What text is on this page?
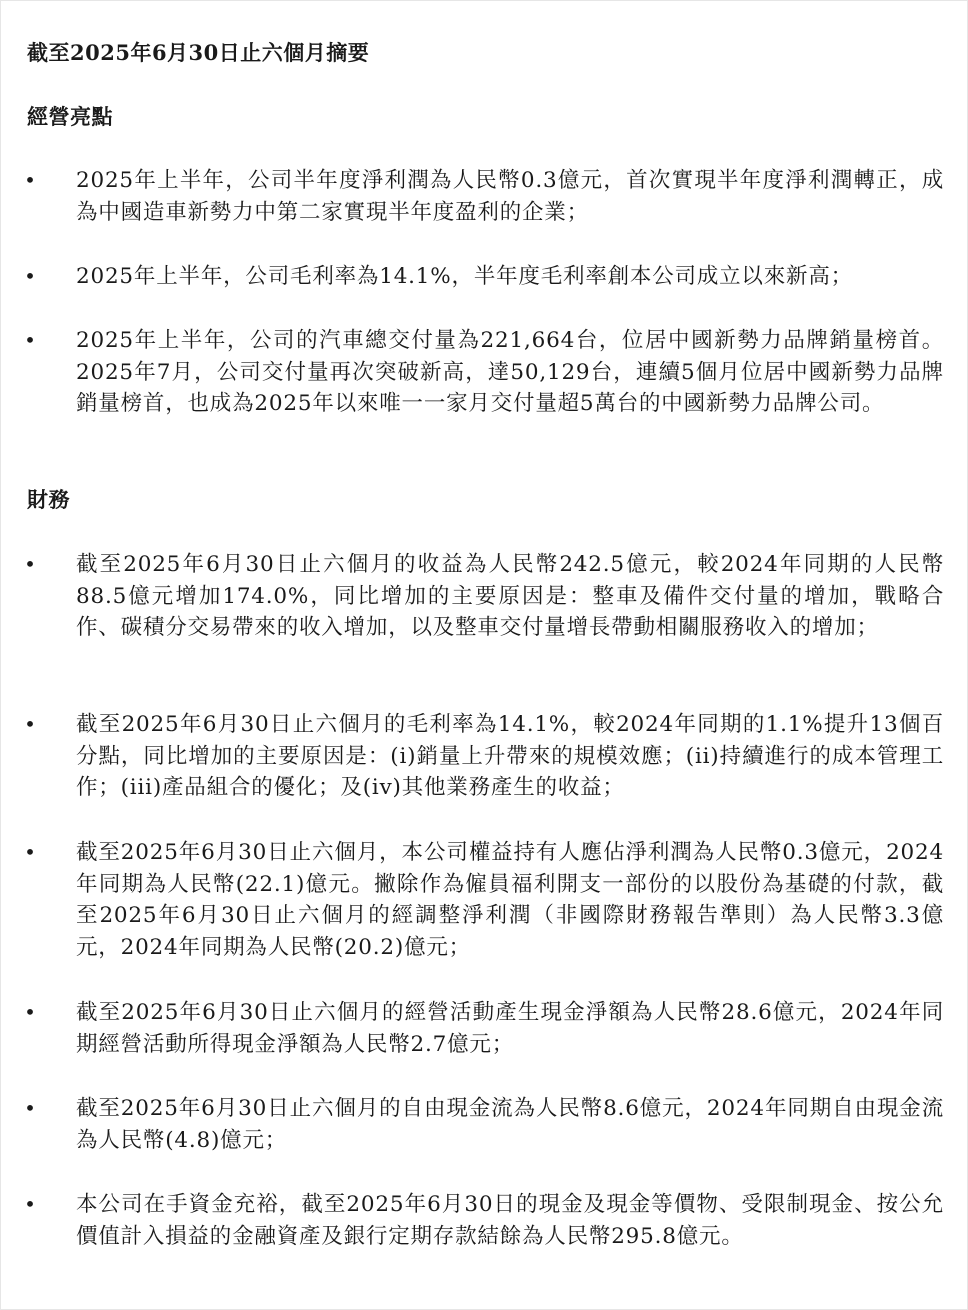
截至2025年6月30日止六個月摘要
經營亮點
• 2025年上半年，公司半年度淨利潤為人民幣0.3億元，首次實現半年度淨利潤轉正，成為中國造車新勢力中第二家實現半年度盈利的企業；
• 2025年上半年，公司毛利率為14.1%，半年度毛利率創本公司成立以來新高；
• 2025年上半年，公司的汽車總交付量為221,664台，位居中國新勢力品牌銷量榜首。2025年7月，公司交付量再次突破新高，達50,129台，連續5個月位居中國新勢力品牌銷量榜首，也成為2025年以來唯一一家月交付量超5萬台的中國新勢力品牌公司。
財務
• 截至2025年6月30日止六個月的收益為人民幣242.5億元，較2024年同期的人民幣88.5億元增加174.0%，同比增加的主要原因是：整車及備件交付量的增加，戰略合作、碳積分交易帶來的收入增加，以及整車交付量增長帶動相關服務收入的增加；
• 截至2025年6月30日止六個月的毛利率為14.1%，較2024年同期的1.1%提升13個百分點，同比增加的主要原因是：(i)銷量上升帶來的規模效應；(ii)持續進行的成本管理工作；(iii)產品組合的優化；及(iv)其他業務產生的收益；
• 截至2025年6月30日止六個月，本公司權益持有人應佔淨利潤為人民幣0.3億元，2024年同期為人民幣(22.1)億元。撇除作為僱員福利開支一部份的以股份為基礎的付款，截至2025年6月30日止六個月的經調整淨利潤（非國際財務報告準則）為人民幣3.3億元，2024年同期為人民幣(20.2)億元；
• 截至2025年6月30日止六個月的經營活動產生現金淨額為人民幣28.6億元，2024年同期經營活動所得現金淨額為人民幣2.7億元；
• 截至2025年6月30日止六個月的自由現金流為人民幣8.6億元，2024年同期自由現金流為人民幣(4.8)億元；
• 本公司在手資金充裕，截至2025年6月30日的現金及現金等價物、受限制現金、按公允價值計入損益的金融資產及銀行定期存款結餘為人民幣295.8億元。
